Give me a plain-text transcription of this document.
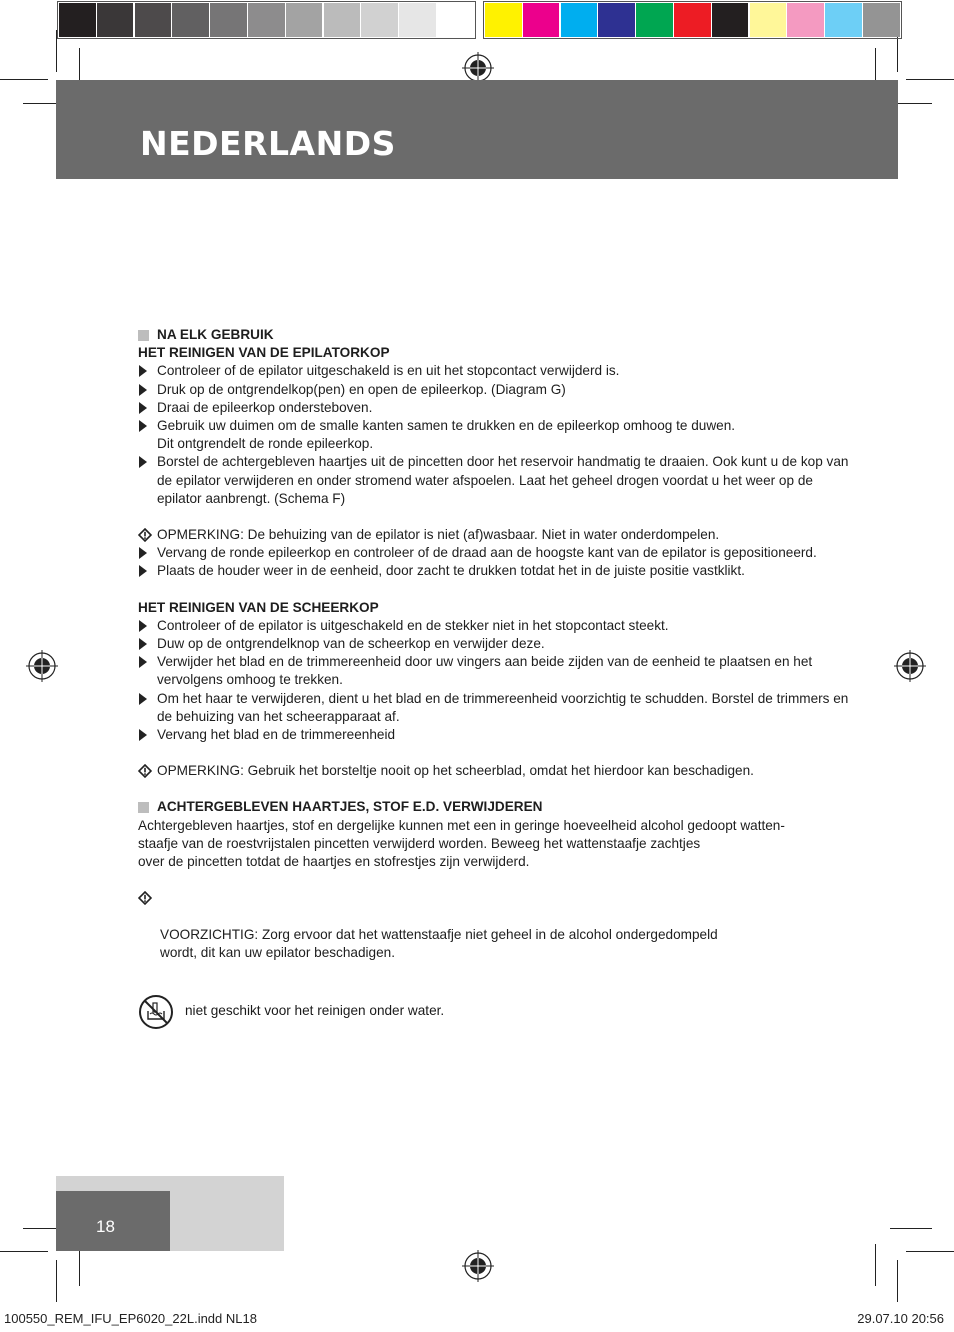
NEDERLANDS
NA ELK GEBRUIK
HET REINIGEN VAN DE EPILATORKOP
Controleer of de epilator uitgeschakeld is en uit het stopcontact verwijderd is.
Druk op de ontgrendelkop(pen) en open de epileerkop. (Diagram G)
Draai de epileerkop ondersteboven.
Gebruik uw duimen om de smalle kanten samen te drukken en de epileerkop omhoog te duwen.
Dit ontgrendelt de ronde epileerkop.
Borstel de achtergebleven haartjes uit de pincetten door het reservoir handmatig te draaien. Ook kunt u de kop van de epilator verwijderen en onder stromend water afspoelen. Laat het geheel drogen voordat u het weer op de epilator aanbrengt. (Schema F)
OPMERKING: De behuizing van de epilator is niet (af)wasbaar. Niet in water onderdompelen.
Vervang de ronde epileerkop en controleer of de draad aan de hoogste kant van de epilator is gepositioneerd.
Plaats de houder weer in de eenheid, door zacht te drukken totdat het in de juiste positie vastklikt.
HET REINIGEN VAN DE SCHEERKOP
Controleer of de epilator is uitgeschakeld en de stekker niet in het stopcontact steekt.
Duw op de ontgrendelknop van de scheerkop en verwijder deze.
Verwijder het blad en de trimmereenheid door uw vingers aan beide zijden van de eenheid te plaatsen en het vervolgens omhoog te trekken.
Om het haar te verwijderen, dient u het blad en de trimmereenheid voorzichtig te schudden. Borstel de trimmers en de behuizing van het scheerapparaat af.
Vervang het blad en de trimmereenheid
OPMERKING: Gebruik het borsteltje nooit op het scheerblad, omdat het hierdoor kan beschadigen.
ACHTERGEBLEVEN HAARTJES, STOF E.D. VERWIJDEREN
Achtergebleven haartjes, stof en dergelijke kunnen met een in geringe hoeveelheid alcohol gedoopt watten-
staafje van de roestvrijstalen pincetten verwijderd worden. Beweeg het wattenstaafje zachtjes
over de pincetten totdat de haartjes en stofrestjes zijn verwijderd.

VOORZICHTIG: Zorg ervoor dat het wattenstaafje niet geheel in de alcohol ondergedompeld
wordt, dit kan uw epilator beschadigen.

niet geschikt voor het reinigen onder water.
18
100550_REM_IFU_EP6020_22L.indd NL18	29.07.10 20:56
